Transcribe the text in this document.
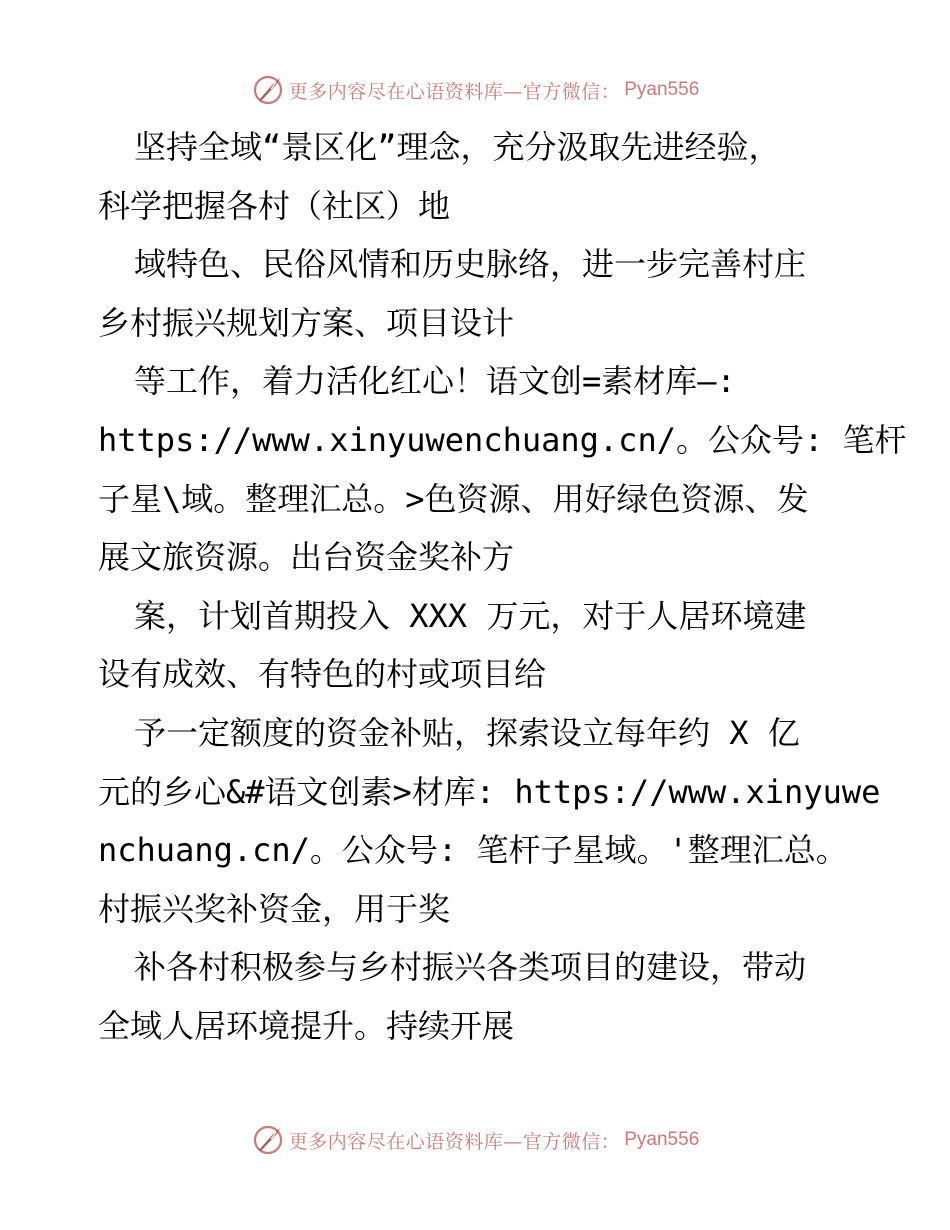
更多内容尽在心语资料库—官方微信： Pyan556
坚持全域“景区化”理念，充分汲取先进经验，
科学把握各村（社区）地
域特色、民俗风情和历史脉络，进一步完善村庄
乡村振兴规划方案、项目设计
等工作，着力活化红心！语文创=素材库—:
https://www.xinyuwenchuang.cn/。公众号: 笔杆
子星\域。整理汇总。>色资源、用好绿色资源、发
展文旅资源。出台资金奖补方
案，计划首期投入 XXX 万元，对于人居环境建
设有成效、有特色的村或项目给
予一定额度的资金补贴，探索设立每年约 X 亿
元的乡心&#语文创素>材库: https://www.xinyuwe
nchuang.cn/。公众号: 笔杆子星域。'整理汇总。
村振兴奖补资金，用于奖
补各村积极参与乡村振兴各类项目的建设，带动
全域人居环境提升。持续开展
更多内容尽在心语资料库—官方微信： Pyan556
